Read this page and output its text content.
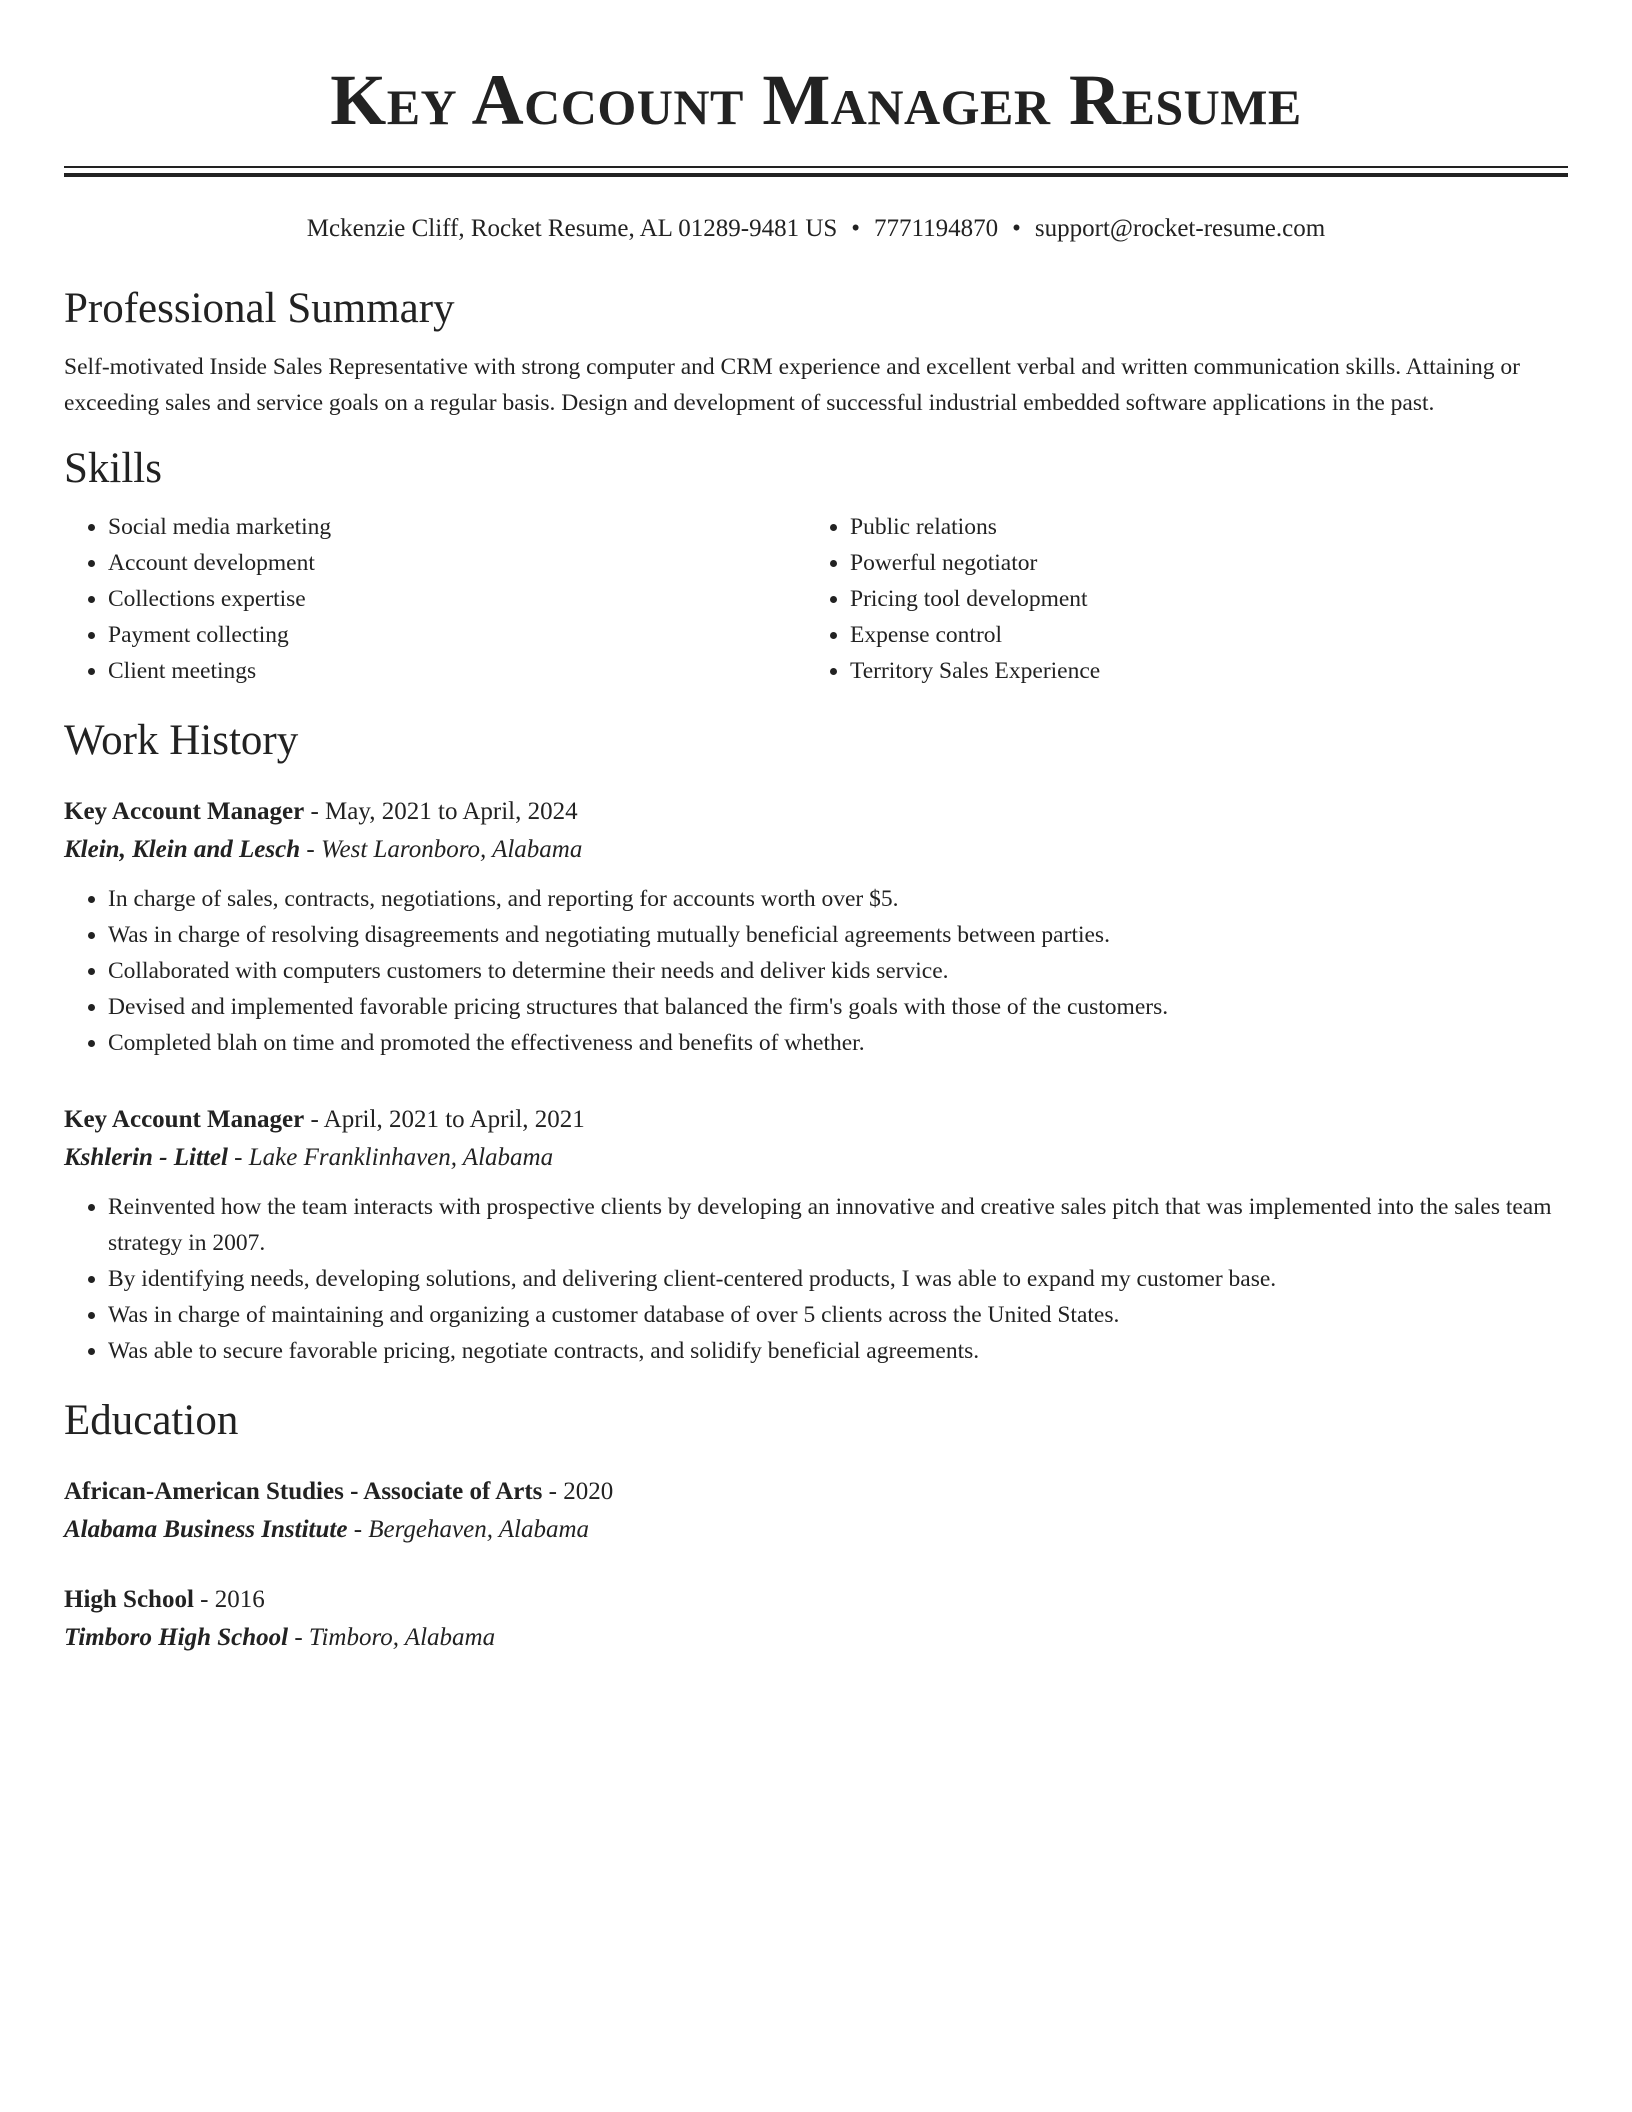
Key Account Manager Resume
Mckenzie Cliff, Rocket Resume, AL 01289-9481 US • 7771194870 • support@rocket-resume.com
Professional Summary
Self-motivated Inside Sales Representative with strong computer and CRM experience and excellent verbal and written communication skills. Attaining or exceeding sales and service goals on a regular basis. Design and development of successful industrial embedded software applications in the past.
Skills
• Social media marketing
• Account development
• Collections expertise
• Payment collecting
• Client meetings
• Public relations
• Powerful negotiator
• Pricing tool development
• Expense control
• Territory Sales Experience
Work History
Key Account Manager - May, 2021 to April, 2024
Klein, Klein and Lesch - West Laronboro, Alabama
• In charge of sales, contracts, negotiations, and reporting for accounts worth over $5.
• Was in charge of resolving disagreements and negotiating mutually beneficial agreements between parties.
• Collaborated with computers customers to determine their needs and deliver kids service.
• Devised and implemented favorable pricing structures that balanced the firm's goals with those of the customers.
• Completed blah on time and promoted the effectiveness and benefits of whether.
Key Account Manager - April, 2021 to April, 2021
Kshlerin - Littel - Lake Franklinhaven, Alabama
• Reinvented how the team interacts with prospective clients by developing an innovative and creative sales pitch that was implemented into the sales team strategy in 2007.
• By identifying needs, developing solutions, and delivering client-centered products, I was able to expand my customer base.
• Was in charge of maintaining and organizing a customer database of over 5 clients across the United States.
• Was able to secure favorable pricing, negotiate contracts, and solidify beneficial agreements.
Education
African-American Studies - Associate of Arts - 2020
Alabama Business Institute - Bergehaven, Alabama
High School - 2016
Timboro High School - Timboro, Alabama
